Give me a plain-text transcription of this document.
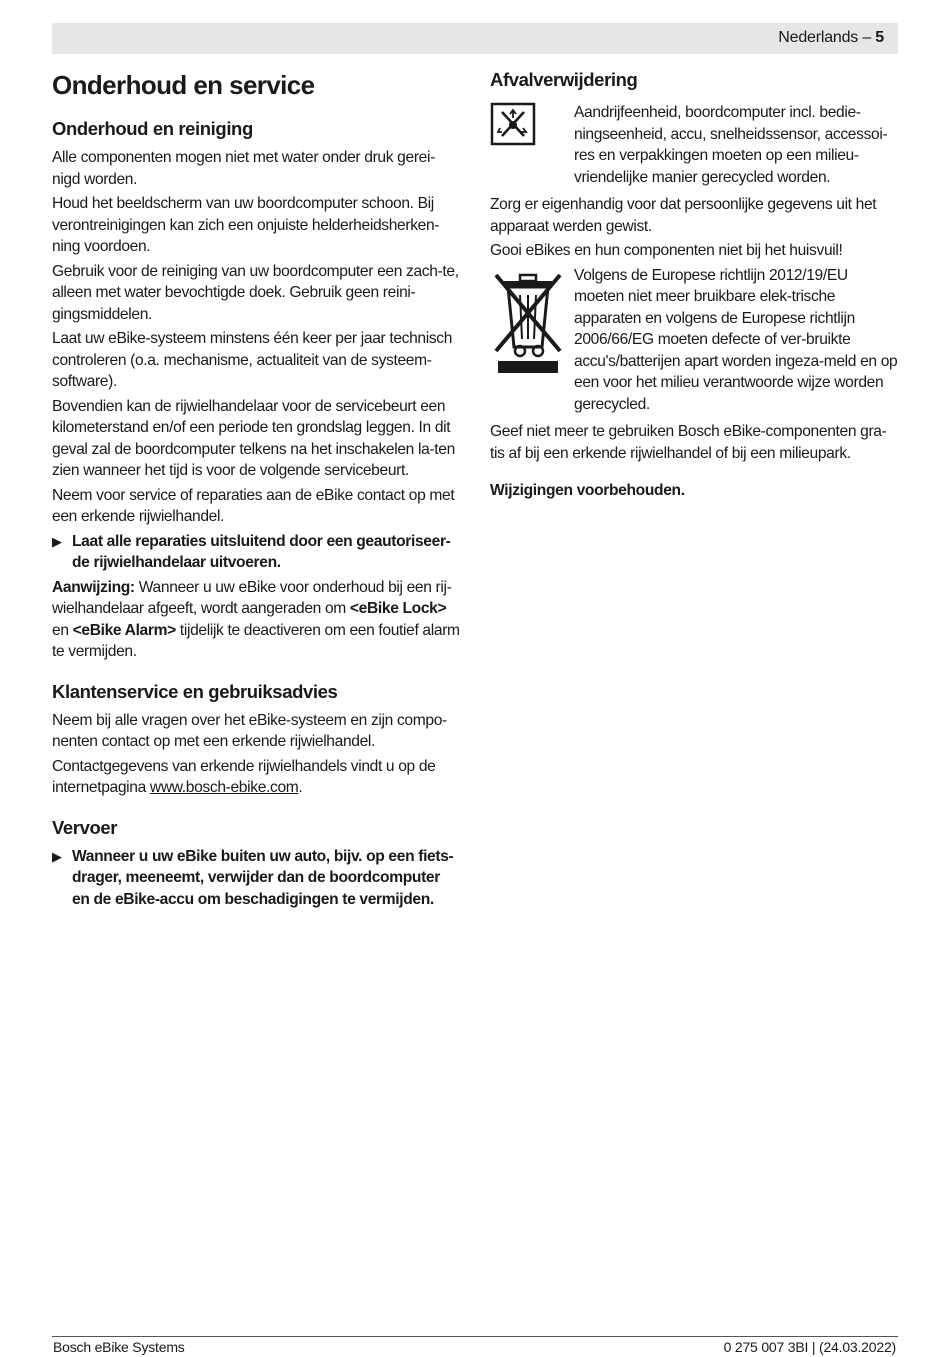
Nederlands – 5
Onderhoud en service
Onderhoud en reiniging

Alle componenten mogen niet met water onder druk gerei-nigd worden.

Houd het beeldscherm van uw boordcomputer schoon. Bij verontreinigingen kan zich een onjuiste helderheidsherken-ning voordoen.

Gebruik voor de reiniging van uw boordcomputer een zach-te, alleen met water bevochtigde doek. Gebruik geen reini-gingsmiddelen.

Laat uw eBike-systeem minstens één keer per jaar technisch controleren (o.a. mechanisme, actualiteit van de systeem-software).

Bovendien kan de rijwielhandelaar voor de servicebeurt een kilometerstand en/of een periode ten grondslag leggen. In dit geval zal de boordcomputer telkens na het inschakelen la-ten zien wanneer het tijd is voor de volgende servicebeurt.

Neem voor service of reparaties aan de eBike contact op met een erkende rijwielhandel.

▶ Laat alle reparaties uitsluitend door een geautoriseer-de rijwielhandelaar uitvoeren.

Aanwijzing: Wanneer u uw eBike voor onderhoud bij een rij-wielhandelaar afgeeft, wordt aangeraden om <eBike Lock> en <eBike Alarm> tijdelijk te deactiveren om een foutief alarm te vermijden.

Klantenservice en gebruiksadvies

Neem bij alle vragen over het eBike-systeem en zijn compo-nenten contact op met een erkende rijwielhandel.

Contactgegevens van erkende rijwielhandels vindt u op de internetpagina www.bosch-ebike.com.

Vervoer
▶ Wanneer u uw eBike buiten uw auto, bijv. op een fiets-drager, meeneemt, verwijder dan de boordcomputer en de eBike-accu om beschadigingen te vermijden.

Afvalverwijdering

Aandrijfeenheid, boordcomputer incl. bedie-ningseenheid, accu, snelheidssensor, accessoi-res en verpakkingen moeten op een milieu-vriendelijke manier gerecycled worden.

Zorg er eigenhandig voor dat persoonlijke gegevens uit het apparaat werden gewist.

Gooi eBikes en hun componenten niet bij het huisvuil!

Volgens de Europese richtlijn 2012/19/EU moeten niet meer bruikbare elek-trische apparaten en volgens de Europese richtlijn 2006/66/EG moeten defecte of ver-bruikte accu's/batterijen apart worden ingeza-meld en op een voor het milieu verantwoorde wijze worden gerecycled.

Geef niet meer te gebruiken Bosch eBike-componenten gra-tis af bij een erkende rijwielhandel of bij een milieupark.

Wijzigingen voorbehouden.

Bosch eBike Systems	0 275 007 3BI | (24.03.2022)
